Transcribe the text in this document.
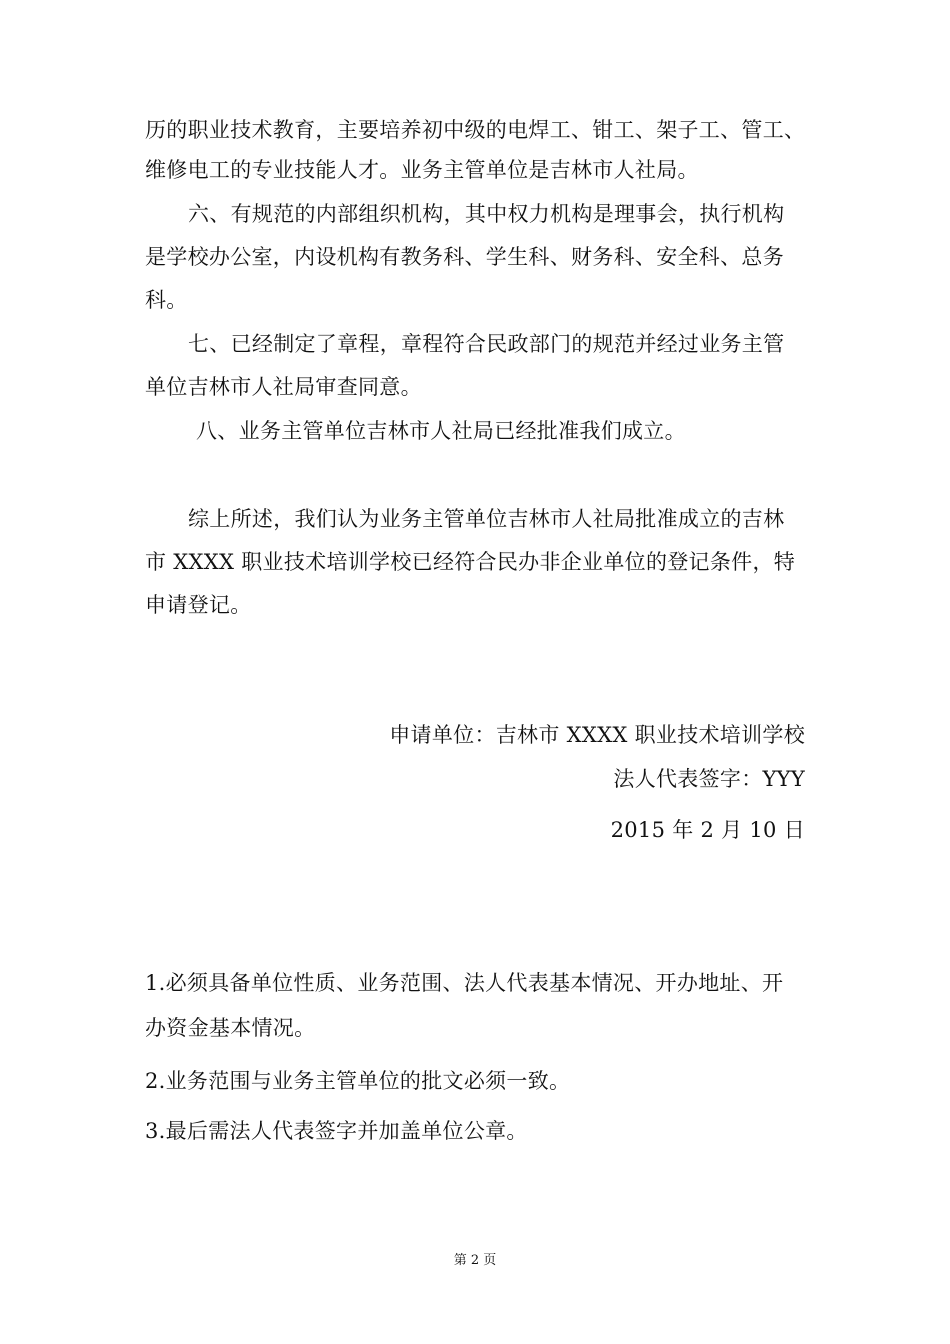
历的职业技术教育，主要培养初中级的电焊工、钳工、架子工、管工、
维修电工的专业技能人才。业务主管单位是吉林市人社局。
六、有规范的内部组织机构，其中权力机构是理事会，执行机构
是学校办公室，内设机构有教务科、学生科、财务科、安全科、总务
科。
七、已经制定了章程，章程符合民政部门的规范并经过业务主管
单位吉林市人社局审查同意。
八、业务主管单位吉林市人社局已经批准我们成立。
综上所述，我们认为业务主管单位吉林市人社局批准成立的吉林
市 XXXX 职业技术培训学校已经符合民办非企业单位的登记条件，特
申请登记。
申请单位：吉林市 XXXX 职业技术培训学校
法人代表签字：YYY
2015 年 2 月 10 日
1.必须具备单位性质、业务范围、法人代表基本情况、开办地址、开
办资金基本情况。
2.业务范围与业务主管单位的批文必须一致。
3.最后需法人代表签字并加盖单位公章。
第 2 页
